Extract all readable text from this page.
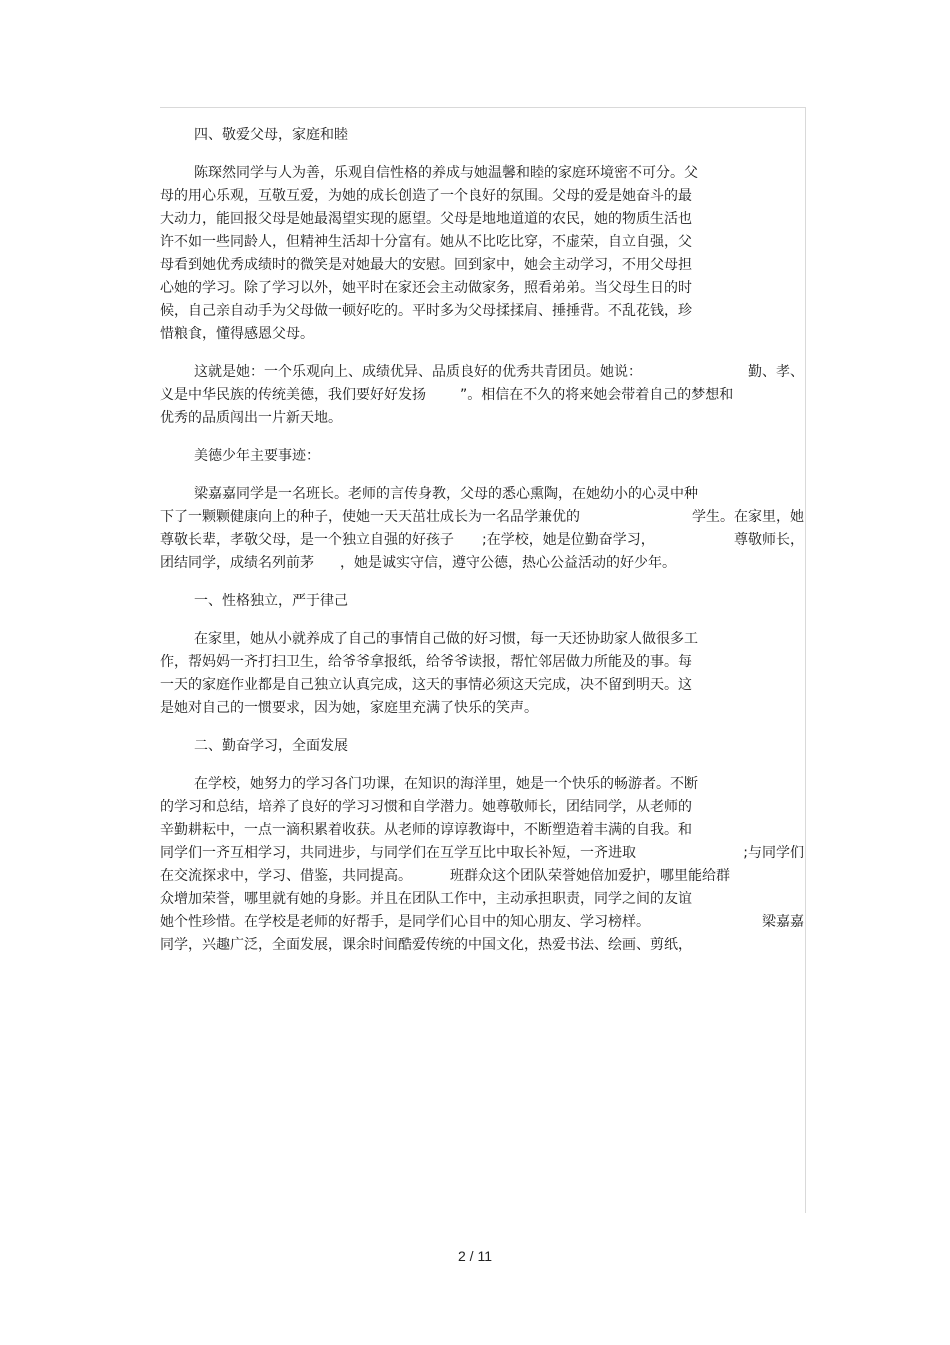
四、敬爱父母，家庭和睦
陈琛然同学与人为善，乐观自信性格的养成与她温馨和睦的家庭环境密不可分。父
母的用心乐观，互敬互爱，为她的成长创造了一个良好的氛围。父母的爱是她奋斗的最
大动力，能回报父母是她最渴望实现的愿望。父母是地地道道的农民，她的物质生活也
许不如一些同龄人，但精神生活却十分富有。她从不比吃比穿，不虚荣，自立自强，父
母看到她优秀成绩时的微笑是对她最大的安慰。回到家中，她会主动学习，不用父母担
心她的学习。除了学习以外，她平时在家还会主动做家务，照看弟弟。当父母生日的时
候，自己亲自动手为父母做一顿好吃的。平时多为父母揉揉肩、捶捶背。不乱花钱，珍
惜粮食，懂得感恩父母。
这就是她：一个乐观向上、成绩优异、品质良好的优秀共青团员。她说：	勤、孝、
义是中华民族的传统美德，我们要好好发扬 ”。相信在不久的将来她会带着自己的梦想和
优秀的品质闯出一片新天地。
美德少年主要事迹：
梁嘉嘉同学是一名班长。老师的言传身教，父母的悉心熏陶，在她幼小的心灵中种
下了一颗颗健康向上的种子，使她一天天茁壮成长为一名品学兼优的	学生。在家里，她
尊敬长辈，孝敬父母，是一个独立自强的好孩子 ;在学校，她是位勤奋学习，	尊敬师长，
团结同学，成绩名列前茅 ，她是诚实守信，遵守公德，热心公益活动的好少年。
一、性格独立，严于律己
在家里，她从小就养成了自己的事情自己做的好习惯，每一天还协助家人做很多工
作，帮妈妈一齐打扫卫生，给爷爷拿报纸，给爷爷读报，帮忙邻居做力所能及的事。每
一天的家庭作业都是自己独立认真完成，这天的事情必须这天完成，决不留到明天。这
是她对自己的一惯要求，因为她，家庭里充满了快乐的笑声。
二、勤奋学习，全面发展
在学校，她努力的学习各门功课，在知识的海洋里，她是一个快乐的畅游者。不断
的学习和总结，培养了良好的学习习惯和自学潜力。她尊敬师长，团结同学，从老师的
辛勤耕耘中，一点一滴积累着收获。从老师的谆谆教诲中，不断塑造着丰满的自我。和
同学们一齐互相学习，共同进步，与同学们在互学互比中取长补短，一齐进取	;与同学们
在交流探求中，学习、借鉴，共同提高。	班群众这个团队荣誉她倍加爱护，哪里能给群
众增加荣誉，哪里就有她的身影。并且在团队工作中，主动承担职责，同学之间的友谊
她个性珍惜。在学校是老师的好帮手，是同学们心目中的知心朋友、学习榜样。	梁嘉嘉
同学，兴趣广泛，全面发展，课余时间酷爱传统的中国文化，热爱书法、绘画、剪纸，
2 / 11
